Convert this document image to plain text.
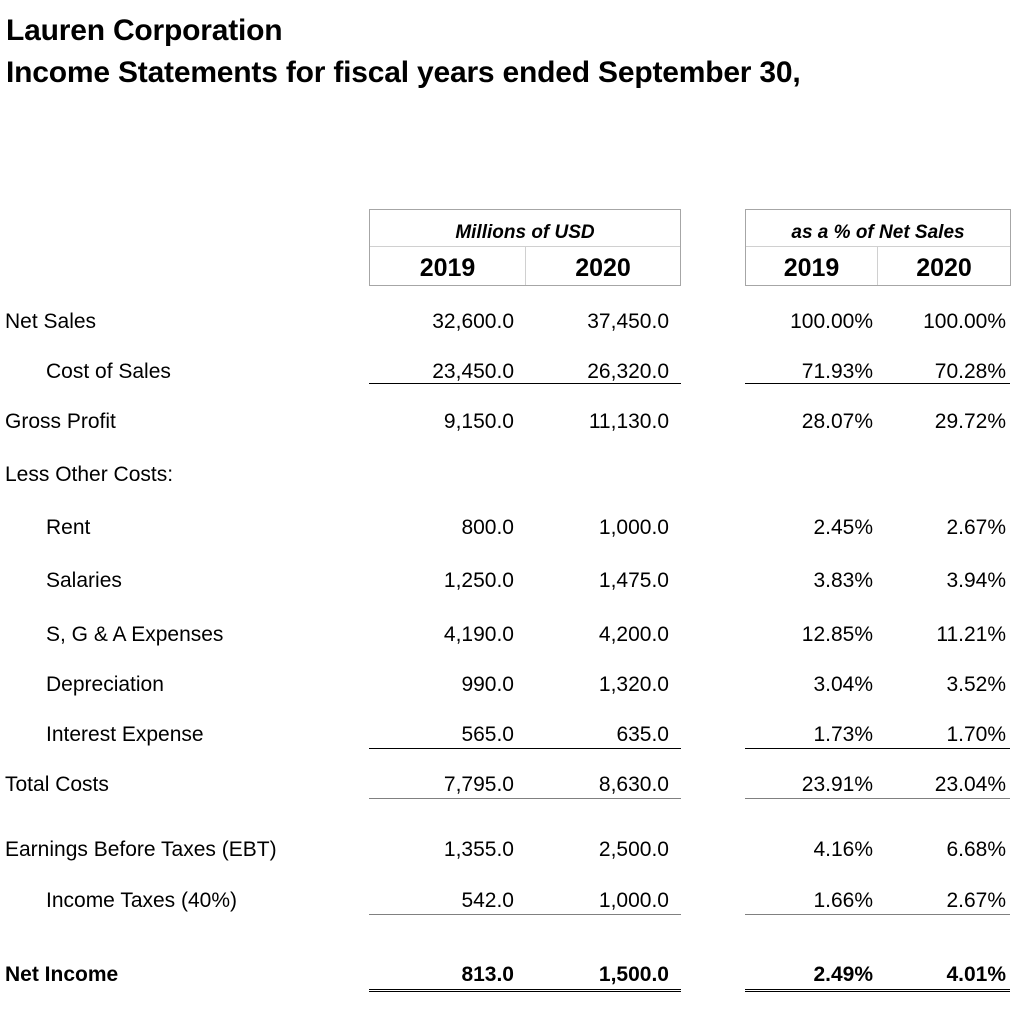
Lauren Corporation
Income Statements for fiscal years ended September 30,
Millions of USD
2019	2020
as a % of Net Sales
2019	2020
Net Sales	32,600.0	37,450.0	100.00% 100.00%
Cost of Sales	23,450.0	26,320.0	71.93%	70.28%
Gross Profit	9,150.0	11,130.0	28.07%	29.72%
Less Other Costs:
Rent	800.0	1,000.0	2.45%	2.67%
Salaries	1,250.0	1,475.0	3.83%	3.94%
S, G & A Expenses	4,190.0	4,200.0	12.85%	11.21%
Depreciation	990.0	1,320.0	3.04%	3.52%
Interest Expense	565.0	635.0	1.73%	1.70%
Total Costs	7,795.0	8,630.0	23.91%	23.04%
Earnings Before Taxes (EBT)	1,355.0	2,500.0	4.16%	6.68%
Income Taxes (40%)	542.0	1,000.0	1.66%	2.67%
Net Income	813.0	1,500.0	2.49%	4.01%
